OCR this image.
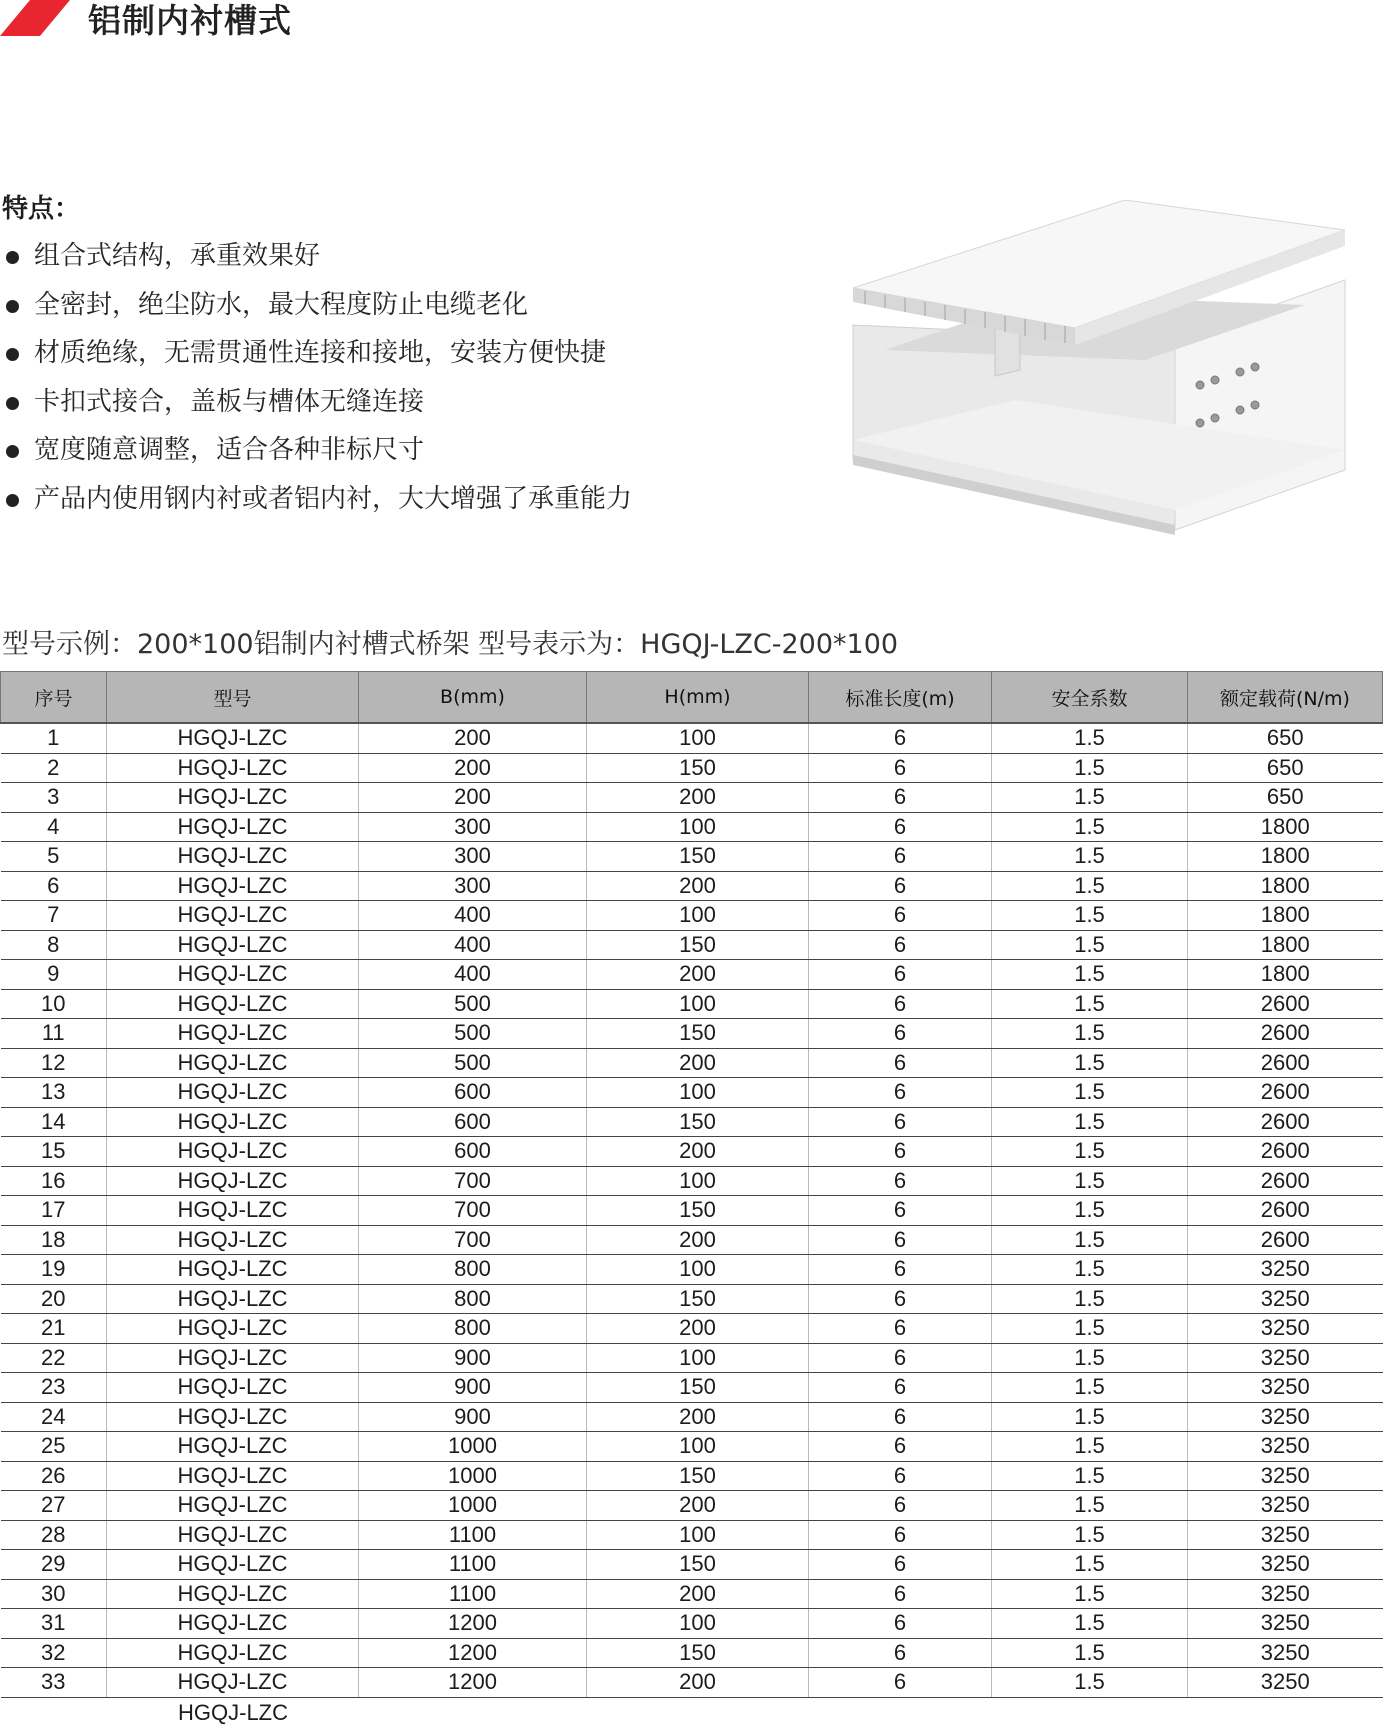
铝制内衬槽式
特点：
组合式结构，承重效果好
全密封，绝尘防水，最大程度防止电缆老化
材质绝缘，无需贯通性连接和接地，安装方便快捷
卡扣式接合，盖板与槽体无缝连接
宽度随意调整，适合各种非标尺寸
产品内使用钢内衬或者铝内衬，大大增强了承重能力
型号示例：200*100铝制内衬槽式桥架 型号表示为：HGQJ-LZC-200*100
序号	型号	B(mm)	H(mm)	标准长度(m)	安全系数	额定载荷(N/m)
1	HGQJ-LZC	200	100	6	1.5	650
2	HGQJ-LZC	200	150	6	1.5	650
3	HGQJ-LZC	200	200	6	1.5	650
4	HGQJ-LZC	300	100	6	1.5	1800
5	HGQJ-LZC	300	150	6	1.5	1800
6	HGQJ-LZC	300	200	6	1.5	1800
7	HGQJ-LZC	400	100	6	1.5	1800
8	HGQJ-LZC	400	150	6	1.5	1800
9	HGQJ-LZC	400	200	6	1.5	1800
10	HGQJ-LZC	500	100	6	1.5	2600
11	HGQJ-LZC	500	150	6	1.5	2600
12	HGQJ-LZC	500	200	6	1.5	2600
13	HGQJ-LZC	600	100	6	1.5	2600
14	HGQJ-LZC	600	150	6	1.5	2600
15	HGQJ-LZC	600	200	6	1.5	2600
16	HGQJ-LZC	700	100	6	1.5	2600
17	HGQJ-LZC	700	150	6	1.5	2600
18	HGQJ-LZC	700	200	6	1.5	2600
19	HGQJ-LZC	800	100	6	1.5	3250
20	HGQJ-LZC	800	150	6	1.5	3250
21	HGQJ-LZC	800	200	6	1.5	3250
22	HGQJ-LZC	900	100	6	1.5	3250
23	HGQJ-LZC	900	150	6	1.5	3250
24	HGQJ-LZC	900	200	6	1.5	3250
25	HGQJ-LZC	1000	100	6	1.5	3250
26	HGQJ-LZC	1000	150	6	1.5	3250
27	HGQJ-LZC	1000	200	6	1.5	3250
28	HGQJ-LZC	1100	100	6	1.5	3250
29	HGQJ-LZC	1100	150	6	1.5	3250
30	HGQJ-LZC	1100	200	6	1.5	3250
31	HGQJ-LZC	1200	100	6	1.5	3250
32	HGQJ-LZC	1200	150	6	1.5	3250
33	HGQJ-LZC	1200	200	6	1.5	3250
HGQJ-LZC
